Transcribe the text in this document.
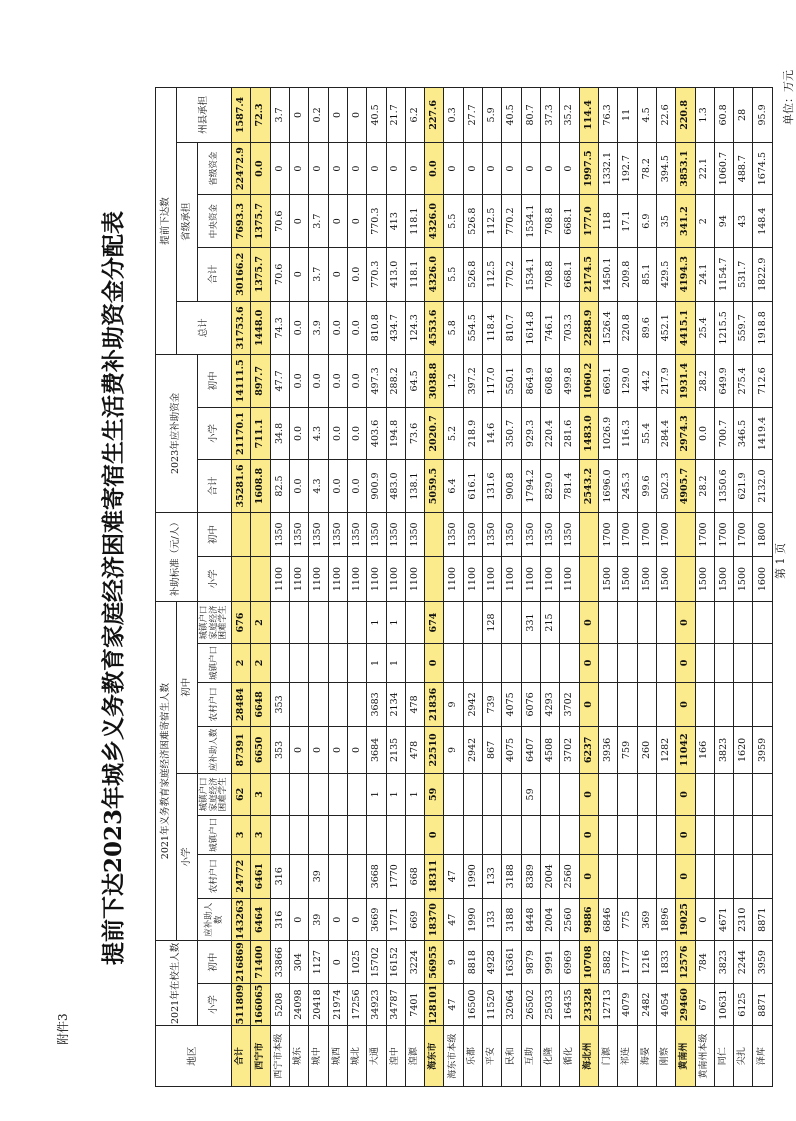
附件3
提前下达2023年城乡义务教育家庭经济困难寄宿生生活费补助资金分配表
单位：万元
第 1 页
地区	2021年在校生人数		2021年义务教育家庭经济困难寄宿生人数								补助标准（元/人）		2023年应补助资金			提前下达数				
			小学				初中									总计	省级承担			州县承担
	小学	初中	应补助人数	农村户口	城镇户口	城镇户口家庭经济困难学生	应补助人数	农村户口	城镇户口	城镇户口家庭经济困难学生	小学	初中	合计	小学	初中		合计	中央资金	省级资金	

合计	511809	216869	143263	24772	3	62	87391	28484	2	676			35281.6	21170.1	14111.5	31753.6	30166.2	7693.3	22472.9	1587.4
西宁市	166065	71400	6464	6461	3	3	6650	6648	2	2			1608.8	711.1	897.7	1448.0	1375.7	1375.7	0.0	72.3
西宁市本级	5208	33866	316	316			353	353			1100	1350	82.5	34.8	47.7	74.3	70.6	70.6	0	3.7
城东	24098	304	0				0				1100	1350	0.0	0.0	0.0	0.0	0	0	0	0
城中	20418	1127	39	39			0				1100	1350	4.3	4.3	0.0	3.9	3.7	3.7	0	0.2
城西	21974	0	0				0				1100	1350	0.0	0.0	0.0	0.0	0	0	0	0
城北	17256	1025	0				0				1100	1350	0.0	0.0	0.0	0.0	0.0	0	0	0
大通	34923	15702	3669	3668		1	3684	3683	1	1	1100	1350	900.9	403.6	497.3	810.8	770.3	770.3	0	40.5
湟中	34787	16152	1771	1770		1	2135	2134	1	1	1100	1350	483.0	194.8	288.2	434.7	413.0	413	0	21.7
湟源	7401	3224	669	668		1	478	478			1100	1350	138.1	73.6	64.5	124.3	118.1	118.1	0	6.2
海东市	128101	56955	18370	18311	0	59	22510	21836	0	674			5059.5	2020.7	3038.8	4553.6	4326.0	4326.0	0.0	227.6
海东市本级	47	9	47	47			9	9			1100	1350	6.4	5.2	1.2	5.8	5.5	5.5	0	0.3
乐都	16500	8818	1990	1990			2942	2942			1100	1350	616.1	218.9	397.2	554.5	526.8	526.8	0	27.7
平安	11520	4928	133	133			867	739		128	1100	1350	131.6	14.6	117.0	118.4	112.5	112.5	0	5.9
民和	32064	16361	3188	3188			4075	4075			1100	1350	900.8	350.7	550.1	810.7	770.2	770.2	0	40.5
互助	26502	9879	8448	8389		59	6407	6076		331	1100	1350	1794.2	929.3	864.9	1614.8	1534.1	1534.1	0	80.7
化隆	25033	9991	2004	2004			4508	4293		215	1100	1350	829.0	220.4	608.6	746.1	708.8	708.8	0	37.3
循化	16435	6969	2560	2560			3702	3702			1100	1350	781.4	281.6	499.8	703.3	668.1	668.1	0	35.2
海北州	23328	10708	9886	0	0	0	6237	0	0	0			2543.2	1483.0	1060.2	2288.9	2174.5	177.0	1997.5	114.4
门源	12713	5882	6846				3936				1500	1700	1696.0	1026.9	669.1	1526.4	1450.1	118	1332.1	76.3
祁连	4079	1777	775				759				1500	1700	245.3	116.3	129.0	220.8	209.8	17.1	192.7	11
海晏	2482	1216	369				260				1500	1700	99.6	55.4	44.2	89.6	85.1	6.9	78.2	4.5
刚察	4054	1833	1896				1282				1500	1700	502.3	284.4	217.9	452.1	429.5	35	394.5	22.6
黄南州	29460	12576	19025	0	0	0	11042	0	0	0			4905.7	2974.3	1931.4	4415.1	4194.3	341.2	3853.1	220.8
黄南州本级	67	784	0				166				1500	1700	28.2	0.0	28.2	25.4	24.1	2	22.1	1.3
同仁	10631	3823	4671				3823				1500	1700	1350.6	700.7	649.9	1215.5	1154.7	94	1060.7	60.8
尖扎	6125	2244	2310				1620				1500	1700	621.9	346.5	275.4	559.7	531.7	43	488.7	28
泽库	8871	3959	8871				3959				1600	1800	2132.0	1419.4	712.6	1918.8	1822.9	148.4	1674.5	95.9
